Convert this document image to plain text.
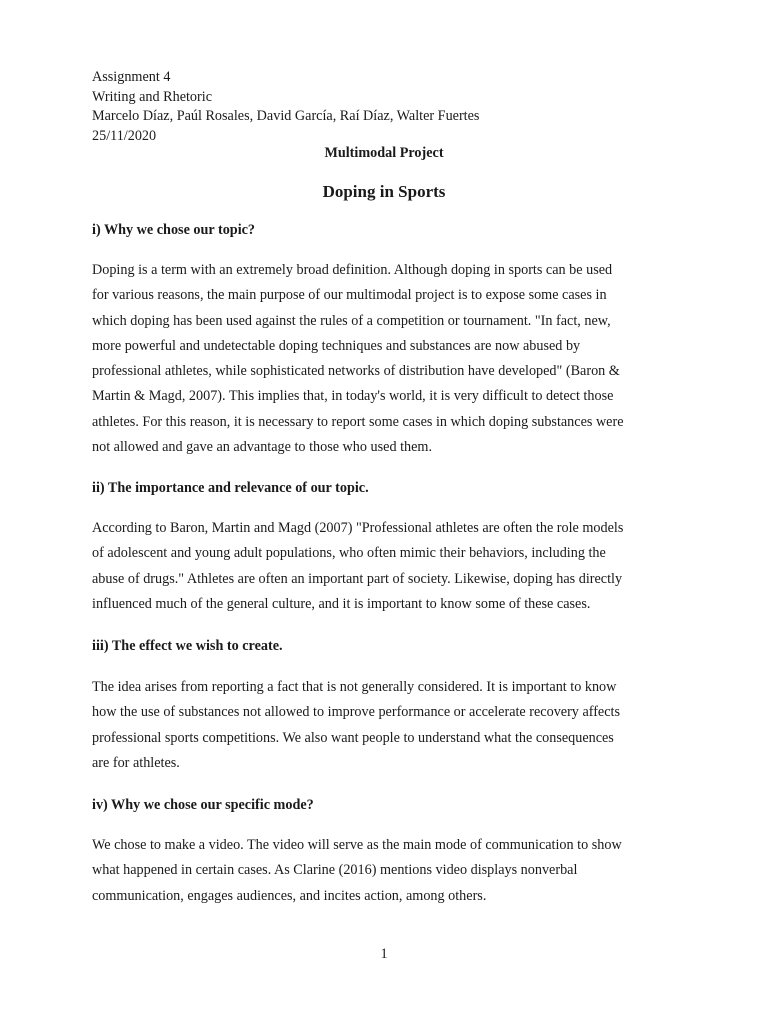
Assignment 4
Writing and Rhetoric
Marcelo Díaz, Paúl Rosales, David García, Raí Díaz, Walter Fuertes
25/11/2020
Multimodal Project
Doping in Sports
i) Why we chose our topic?
Doping is a term with an extremely broad definition. Although doping in sports can be used
for various reasons, the main purpose of our multimodal project is to expose some cases in
which doping has been used against the rules of a competition or tournament. "In fact, new,
more powerful and undetectable doping techniques and substances are now abused by
professional athletes, while sophisticated networks of distribution have developed" (Baron &
Martin & Magd, 2007). This implies that, in today's world, it is very difficult to detect those
athletes. For this reason, it is necessary to report some cases in which doping substances were
not allowed and gave an advantage to those who used them.
ii) The importance and relevance of our topic.
According to Baron, Martin and Magd (2007) "Professional athletes are often the role models
of adolescent and young adult populations, who often mimic their behaviors, including the
abuse of drugs." Athletes are often an important part of society. Likewise, doping has directly
influenced much of the general culture, and it is important to know some of these cases.
iii) The effect we wish to create.
The idea arises from reporting a fact that is not generally considered. It is important to know
how the use of substances not allowed to improve performance or accelerate recovery affects
professional sports competitions. We also want people to understand what the consequences
are for athletes.
iv) Why we chose our specific mode?
We chose to make a video. The video will serve as the main mode of communication to show
what happened in certain cases. As Clarine (2016) mentions video displays nonverbal
communication, engages audiences, and incites action, among others.
1
